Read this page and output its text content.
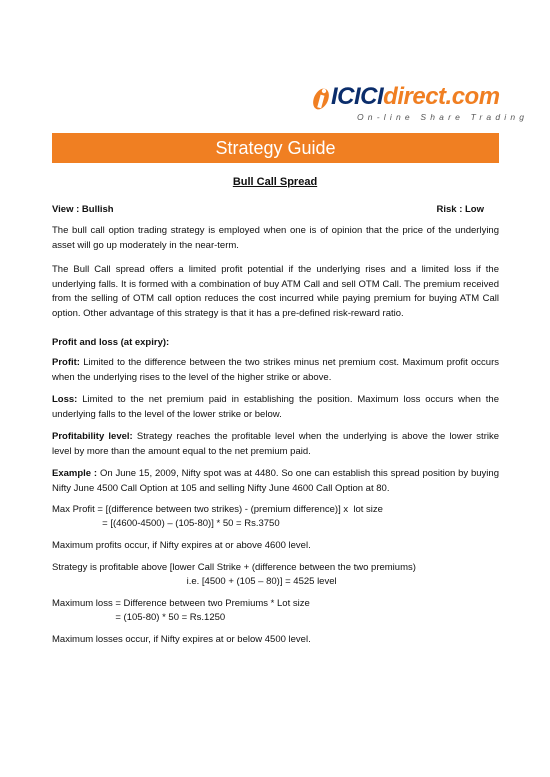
ICICIdirect.com
On-line Share Trading
Strategy Guide
Bull Call Spread
View : Bullish	Risk : Low
The bull call option trading strategy is employed when one is of opinion that the price of the underlying asset will go up moderately in the near-term.
The Bull Call spread offers a limited profit potential if the underlying rises and a limited loss if the underlying falls. It is formed with a combination of buy ATM Call and sell OTM Call. The premium received from the selling of OTM call option reduces the cost incurred while paying premium for buying ATM Call option. Other advantage of this strategy is that it has a pre-defined risk-reward ratio.
Profit and loss (at expiry):
Profit: Limited to the difference between the two strikes minus net premium cost. Maximum profit occurs when the underlying rises to the level of the higher strike or above.
Loss: Limited to the net premium paid in establishing the position. Maximum loss occurs when the underlying falls to the level of the lower strike or below.
Profitability level: Strategy reaches the profitable level when the underlying is above the lower strike level by more than the amount equal to the net premium paid.
Example : On June 15, 2009, Nifty spot was at 4480. So one can establish this spread position by buying Nifty June 4500 Call Option at 105 and selling Nifty June 4600 Call Option at 80.
Max Profit = [(difference between two strikes) - (premium difference)] x  lot size
= [(4600-4500) – (105-80)] * 50 = Rs.3750
Maximum profits occur, if Nifty expires at or above 4600 level.
Strategy is profitable above [lower Call Strike + (difference between the two premiums)
i.e. [4500 + (105 – 80)] = 4525 level
Maximum loss = Difference between two Premiums * Lot size
= (105-80) * 50 = Rs.1250
Maximum losses occur, if Nifty expires at or below 4500 level.
